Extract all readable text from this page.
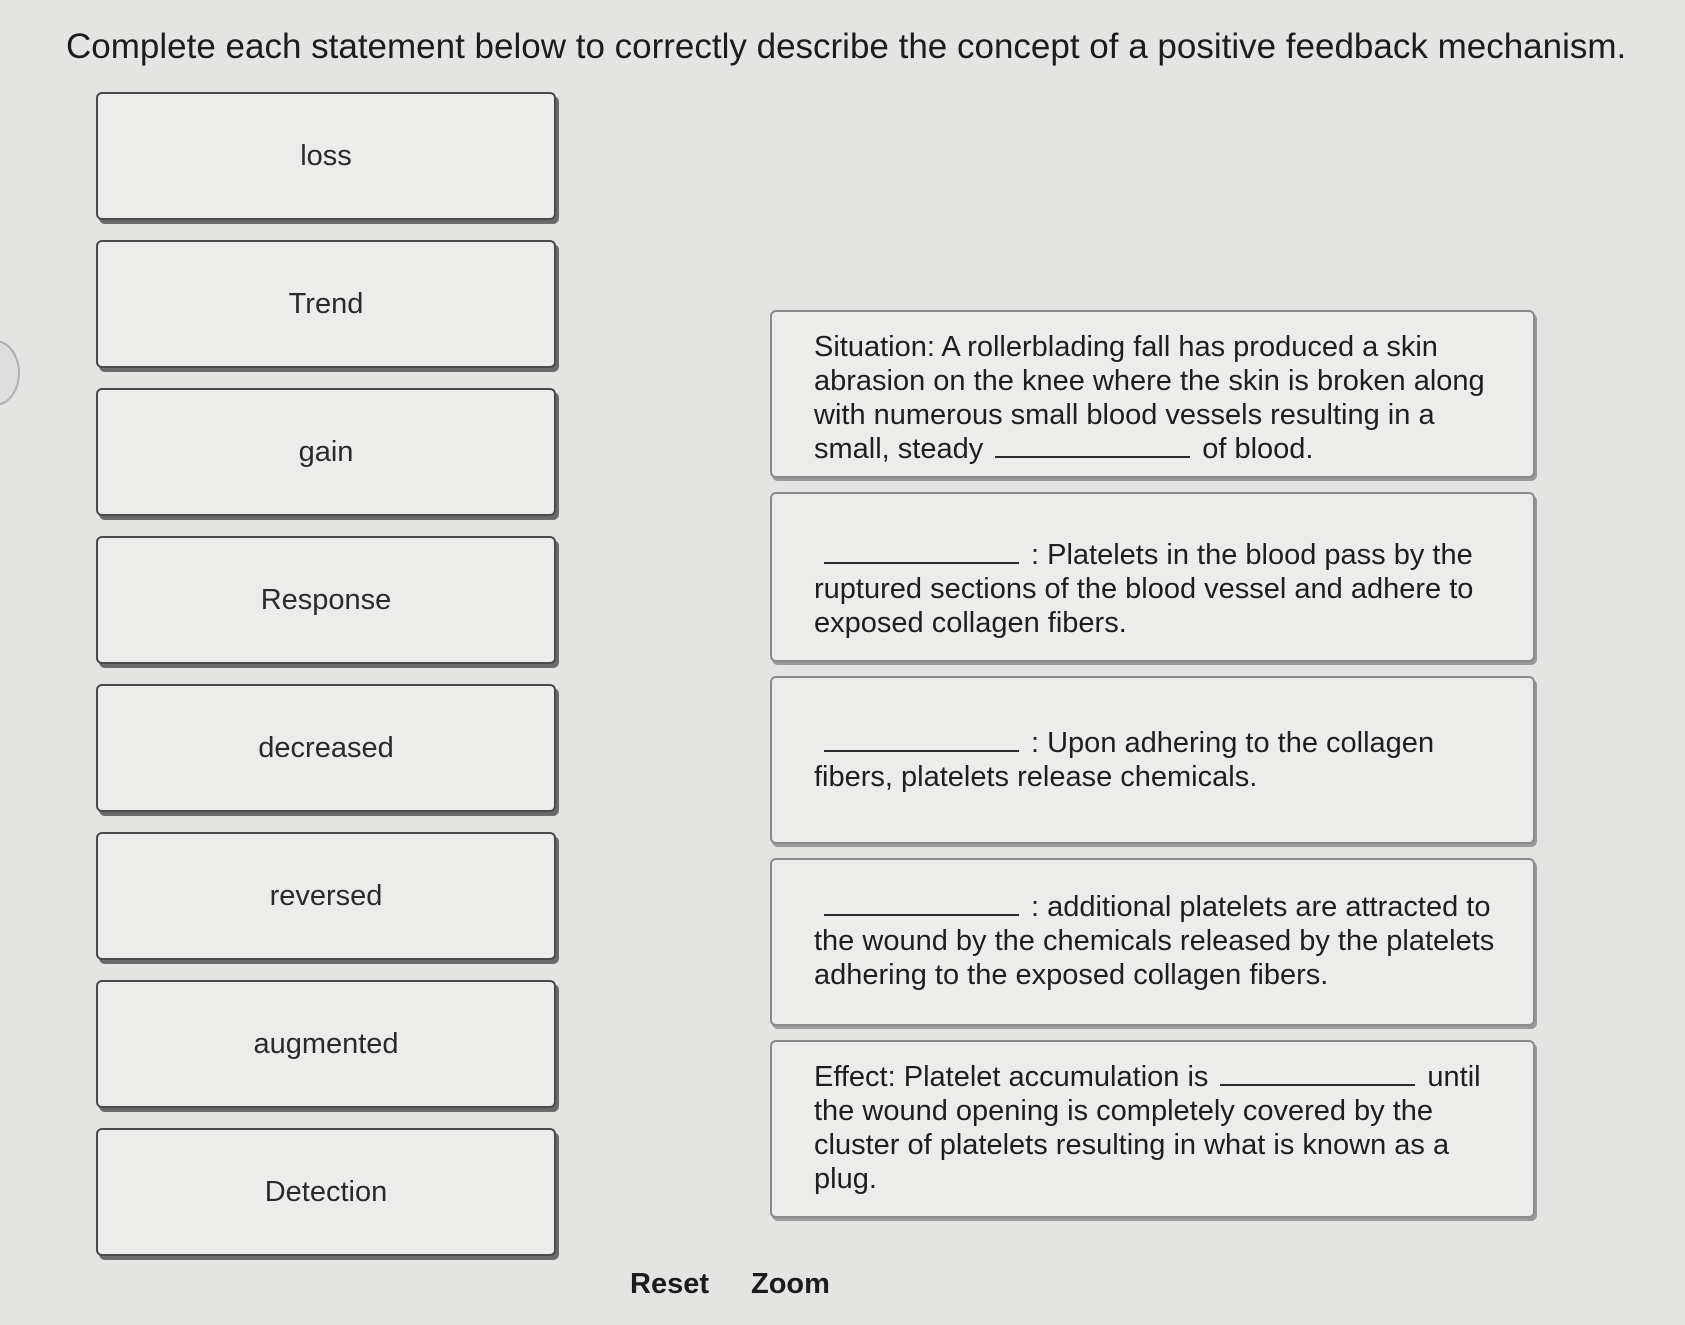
Complete each statement below to correctly describe the concept of a positive feedback mechanism.
loss
Trend
gain
Response
decreased
reversed
augmented
Detection
Situation: A rollerblading fall has produced a skin abrasion on the knee where the skin is broken along with numerous small blood vessels resulting in a small, steady	of blood.
: Platelets in the blood pass by the ruptured sections of the blood vessel and adhere to exposed collagen fibers.
: Upon adhering to the collagen fibers, platelets release chemicals.
: additional platelets are attracted to the wound by the chemicals released by the platelets adhering to the exposed collagen fibers.
Effect: Platelet accumulation is	until the wound opening is completely covered by the cluster of platelets resulting in what is known as a plug.
Reset Zoom
